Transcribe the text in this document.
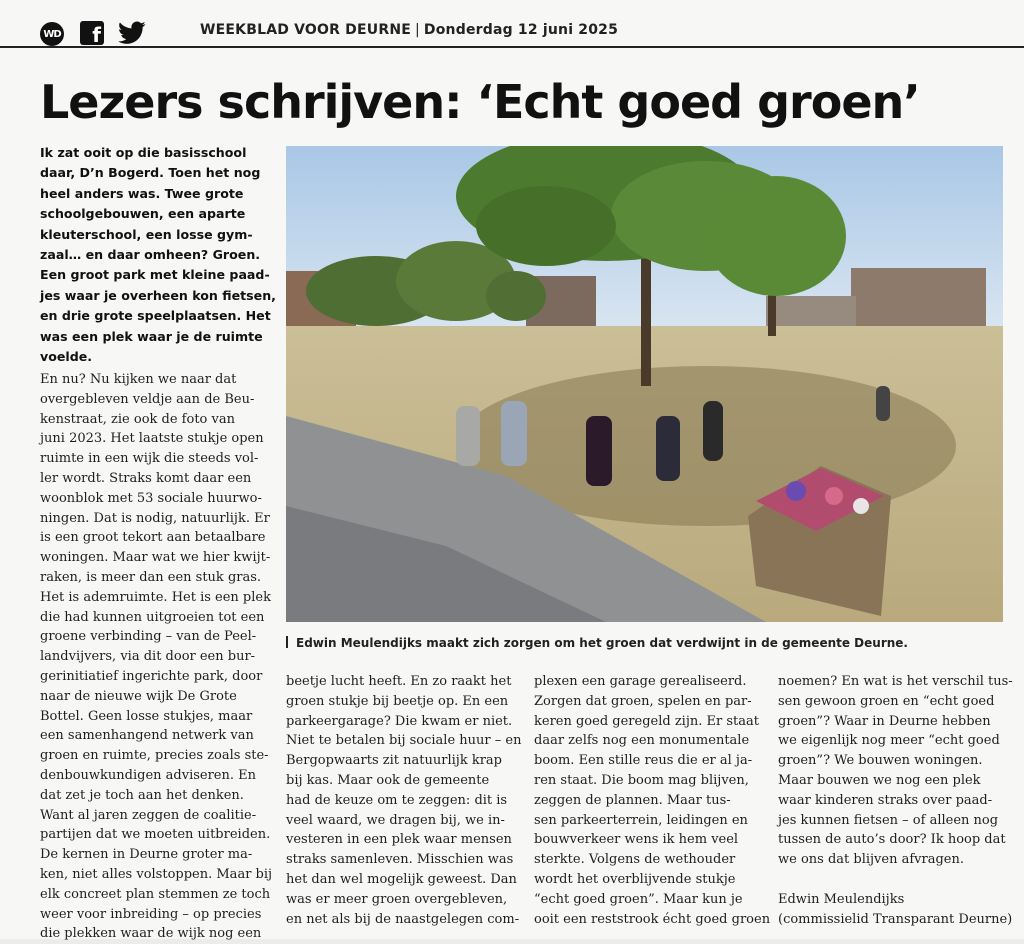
WD f	WEEKBLAD VOOR DEURNE | Donderdag 12 juni 2025
Lezers schrijven: ‘Echt goed groen’
Ik zat ooit op die basisschool
daar, D’n Bogerd. Toen het nog
heel anders was. Twee grote
schoolgebouwen, een aparte
kleuterschool, een losse gym-
zaal… en daar omheen? Groen.
Een groot park met kleine paad-
jes waar je overheen kon fietsen,
en drie grote speelplaatsen. Het
was een plek waar je de ruimte
voelde.
En nu? Nu kijken we naar dat
overgebleven veldje aan de Beu-
kenstraat, zie ook de foto van
juni 2023. Het laatste stukje open
ruimte in een wijk die steeds vol-
ler wordt. Straks komt daar een
woonblok met 53 sociale huurwo-
ningen. Dat is nodig, natuurlijk. Er
is een groot tekort aan betaalbare
woningen. Maar wat we hier kwijt-
raken, is meer dan een stuk gras.
Het is ademruimte. Het is een plek
die had kunnen uitgroeien tot een
groene verbinding – van de Peel-
landvijvers, via dit door een bur-
gerinitiatief ingerichte park, door
naar de nieuwe wijk De Grote
Bottel. Geen losse stukjes, maar
een samenhangend netwerk van
groen en ruimte, precies zoals ste-
denbouwkundigen adviseren. En
dat zet je toch aan het denken.
Want al jaren zeggen de coalitie-
partijen dat we moeten uitbreiden.
De kernen in Deurne groter ma-
ken, niet alles volstoppen. Maar bij
elk concreet plan stemmen ze toch
weer voor inbreiding – op precies
die plekken waar de wijk nog een
Edwin Meulendijks maakt zich zorgen om het groen dat verdwijnt in de gemeente Deurne.
beetje lucht heeft. En zo raakt het
groen stukje bij beetje op. En een
parkeergarage? Die kwam er niet.
Niet te betalen bij sociale huur – en
Bergopwaarts zit natuurlijk krap
bij kas. Maar ook de gemeente
had de keuze om te zeggen: dit is
veel waard, we dragen bij, we in-
vesteren in een plek waar mensen
straks samenleven. Misschien was
het dan wel mogelijk geweest. Dan
was er meer groen overgebleven,
en net als bij de naastgelegen com-
plexen een garage gerealiseerd.
Zorgen dat groen, spelen en par-
keren goed geregeld zijn. Er staat
daar zelfs nog een monumentale
boom. Een stille reus die er al ja-
ren staat. Die boom mag blijven,
zeggen de plannen. Maar tus-
sen parkeerterrein, leidingen en
bouwverkeer wens ik hem veel
sterkte. Volgens de wethouder
wordt het overblijvende stukje
“echt goed groen”. Maar kun je
ooit een reststrook écht goed groen
noemen? En wat is het verschil tus-
sen gewoon groen en “echt goed
groen”? Waar in Deurne hebben
we eigenlijk nog meer “echt goed
groen”? We bouwen woningen.
Maar bouwen we nog een plek
waar kinderen straks over paad-
jes kunnen fietsen – of alleen nog
tussen de auto’s door? Ik hoop dat
we ons dat blijven afvragen.

Edwin Meulendijks
(commissielid Transparant Deurne)
